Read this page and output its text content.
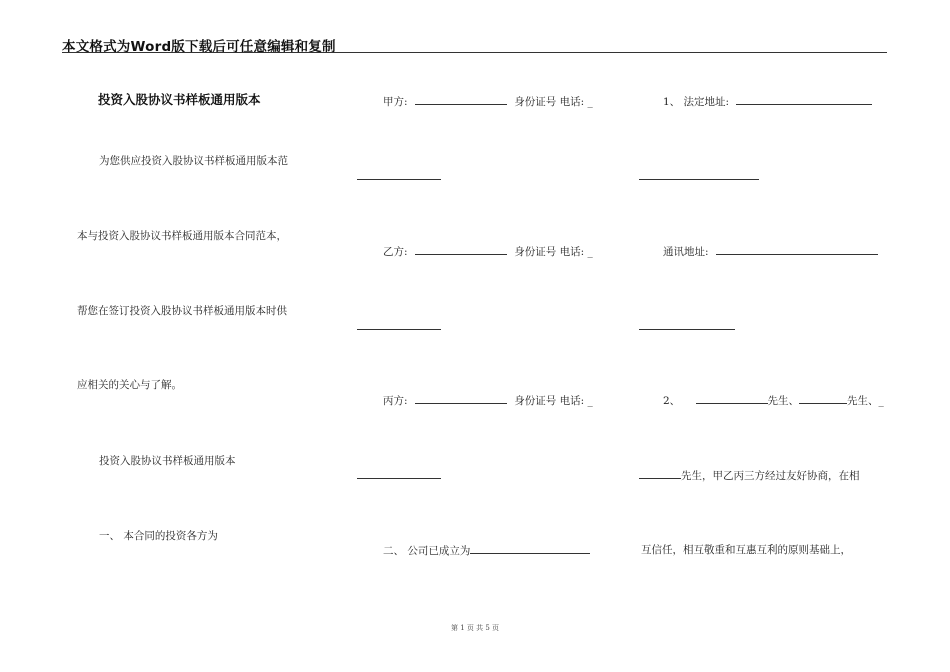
本文格式为Word版下载后可任意编辑和复制
投资入股协议书样板通用版本
为您供应投资入股协议书样板通用版本范
本与投资入股协议书样板通用版本合同范本，
帮您在签订投资入股协议书样板通用版本时供
应相关的关心与了解。
投资入股协议书样板通用版本
一、 本合同的投资各方为
甲方:	身份证号 电话: _
乙方:	身份证号 电话: _
丙方:	身份证号 电话: _
二、 公司已成立为
1、 法定地址:
通讯地址:
2、	先生、	先生、_
先生，甲乙丙三方经过友好协商，在相
互信任，相互敬重和互惠互利的原则基础上，
第 1 页 共 5 页
